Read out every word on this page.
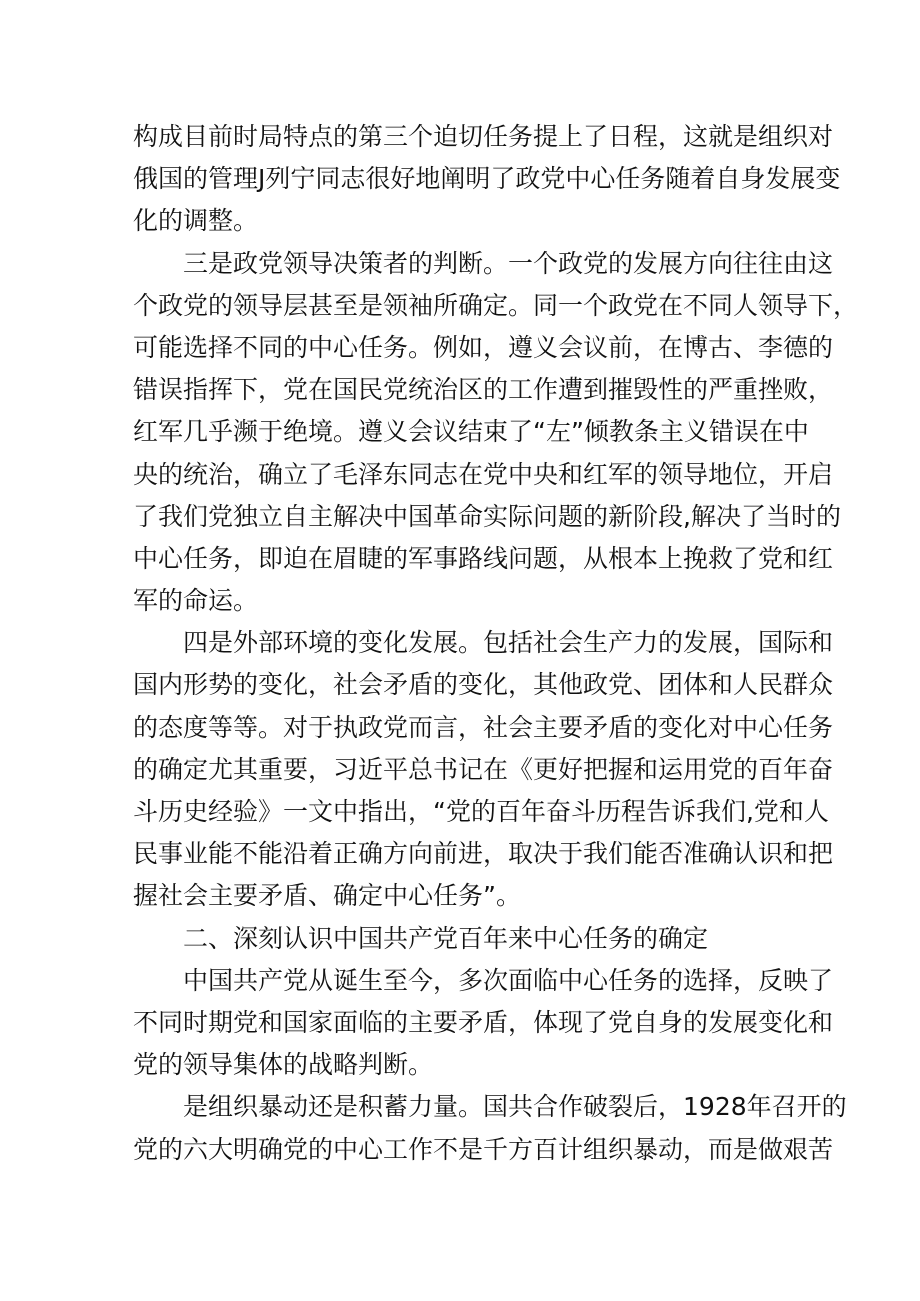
构成目前时局特点的第三个迫切任务提上了日程，这就是组织对
俄国的管理J列宁同志很好地阐明了政党中心任务随着自身发展变
化的调整。
三是政党领导决策者的判断。一个政党的发展方向往往由这
个政党的领导层甚至是领袖所确定。同一个政党在不同人领导下，
可能选择不同的中心任务。例如，遵义会议前，在博古、李德的
错误指挥下，党在国民党统治区的工作遭到摧毁性的严重挫败，
红军几乎濒于绝境。遵义会议结束了“左”倾教条主义错误在中
央的统治，确立了毛泽东同志在党中央和红军的领导地位，开启
了我们党独立自主解决中国革命实际问题的新阶段,解决了当时的
中心任务，即迫在眉睫的军事路线问题，从根本上挽救了党和红
军的命运。
四是外部环境的变化发展。包括社会生产力的发展，国际和
国内形势的变化，社会矛盾的变化，其他政党、团体和人民群众
的态度等等。对于执政党而言，社会主要矛盾的变化对中心任务
的确定尤其重要，习近平总书记在《更好把握和运用党的百年奋
斗历史经验》一文中指出，“党的百年奋斗历程告诉我们,党和人
民事业能不能沿着正确方向前进，取决于我们能否准确认识和把
握社会主要矛盾、确定中心任务”。
二、深刻认识中国共产党百年来中心任务的确定
中国共产党从诞生至今，多次面临中心任务的选择，反映了
不同时期党和国家面临的主要矛盾，体现了党自身的发展变化和
党的领导集体的战略判断。
是组织暴动还是积蓄力量。国共合作破裂后，1928年召开的
党的六大明确党的中心工作不是千方百计组织暴动，而是做艰苦
